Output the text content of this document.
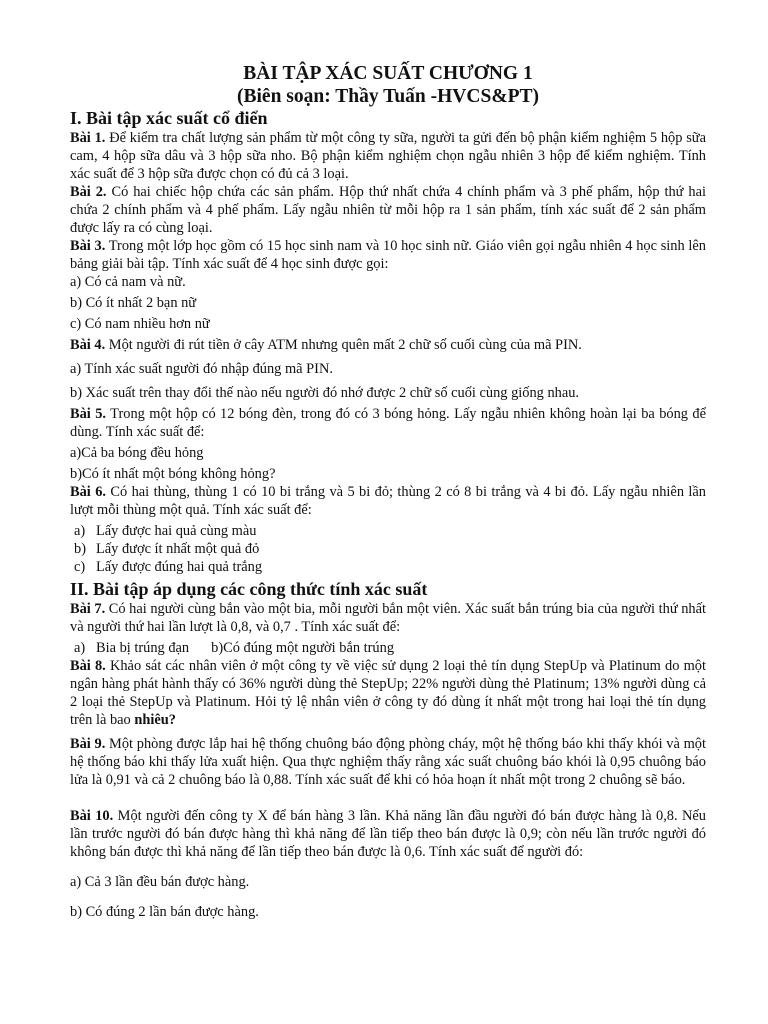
BÀI TẬP XÁC SUẤT CHƯƠNG 1
(Biên soạn: Thầy Tuấn -HVCS&PT)
I. Bài tập xác suất cổ điển

Bài 1. Để kiểm tra chất lượng sản phẩm từ một công ty sữa, người ta gửi đến bộ phận kiểm nghiệm 5 hộp sữa cam, 4 hộp sữa dâu và 3 hộp sữa nho. Bộ phận kiểm nghiệm chọn ngẫu nhiên 3 hộp để kiểm nghiệm. Tính xác suất để 3 hộp sữa được chọn có đủ cả 3 loại.

Bài 2. Có hai chiếc hộp chứa các sản phẩm. Hộp thứ nhất chứa 4 chính phẩm và 3 phế phẩm, hộp thứ hai chứa 2 chính phẩm và 4 phế phẩm. Lấy ngẫu nhiên từ mỗi hộp ra 1 sản phẩm, tính xác suất để 2 sản phẩm được lấy ra có cùng loại.

Bài 3. Trong một lớp học gồm có 15 học sinh nam và 10 học sinh nữ. Giáo viên gọi ngẫu nhiên 4 học sinh lên bảng giải bài tập. Tính xác suất để 4 học sinh được gọi:

a) Có cả nam và nữ.

b) Có ít nhất 2 bạn nữ

c) Có nam nhiều hơn nữ

Bài 4. Một người đi rút tiền ở cây ATM nhưng quên mất 2 chữ số cuối cùng của mã PIN.

a) Tính xác suất người đó nhập đúng mã PIN.

b) Xác suất trên thay đổi thế nào nếu người đó nhớ được 2 chữ số cuối cùng giống nhau.

Bài 5. Trong một hộp có 12 bóng đèn, trong đó có 3 bóng hỏng. Lấy ngẫu nhiên không hoàn lại ba bóng để dùng. Tính xác suất để:

a)Cả ba bóng đều hỏng

b)Có ít nhất một bóng không hỏng?

Bài 6. Có hai thùng, thùng 1 có 10 bi trắng và 5 bi đỏ; thùng 2 có 8 bi trắng và 4 bi đỏ. Lấy ngẫu nhiên lần lượt mỗi thùng một quả. Tính xác suất để:

a) Lấy được hai quả cùng màu

b) Lấy được ít nhất một quả đỏ

c) Lấy được đúng hai quả trắng

II. Bài tập áp dụng các công thức tính xác suất

Bài 7. Có hai người cùng bắn vào một bia, mỗi người bắn một viên. Xác suất bắn trúng bia của người thứ nhất và người thứ hai lần lượt là 0,8, và 0,7 . Tính xác suất để:

a) Bia bị trúng đạn b)Có đúng một người bắn trúng

Bài 8. Khảo sát các nhân viên ở một công ty về việc sử dụng 2 loại thẻ tín dụng StepUp và Platinum do một ngân hàng phát hành thấy có 36% người dùng thẻ StepUp; 22% người dùng thẻ Platinum; 13% người dùng cả 2 loại thẻ StepUp và Platinum. Hỏi tỷ lệ nhân viên ở công ty đó dùng ít nhất một trong hai loại thẻ tín dụng trên là bao nhiêu?

Bài 9. Một phòng được lắp hai hệ thống chuông báo động phòng cháy, một hệ thống báo khi thấy khói và một hệ thống báo khi thấy lửa xuất hiện. Qua thực nghiệm thấy rằng xác suất chuông báo khói là 0,95 chuông báo lửa là 0,91 và cả 2 chuông báo là 0,88. Tính xác suất để khi có hỏa hoạn ít nhất một trong 2 chuông sẽ báo.

Bài 10. Một người đến công ty X để bán hàng 3 lần. Khả năng lần đầu người đó bán được hàng là 0,8. Nếu lần trước người đó bán được hàng thì khả năng để lần tiếp theo bán được là 0,9; còn nếu lần trước người đó không bán được thì khả năng để lần tiếp theo bán được là 0,6. Tính xác suất để người đó:

a) Cả 3 lần đều bán được hàng.

b) Có đúng 2 lần bán được hàng.
